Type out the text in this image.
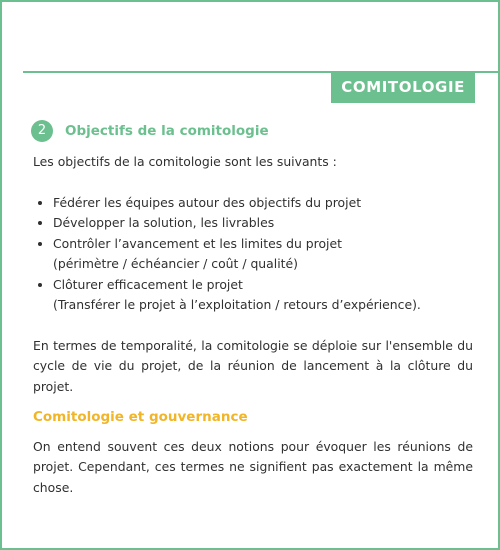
COMITOLOGIE
2	Objectifs de la comitologie

Les objectifs de la comitologie sont les suivants :

• Fédérer les équipes autour des objectifs du projet
• Développer la solution, les livrables
• Contrôler l’avancement et les limites du projet
(périmètre / échéancier / coût / qualité)
• Clôturer efficacement le projet
(Transférer le projet à l’exploitation / retours d’expérience).

En termes de temporalité, la comitologie se déploie sur l'ensemble du cycle de vie du projet, de la réunion de lancement à la clôture du projet.

Comitologie et gouvernance

On entend souvent ces deux notions pour évoquer les réunions de projet. Cependant, ces termes ne signifient pas exactement la même chose.
